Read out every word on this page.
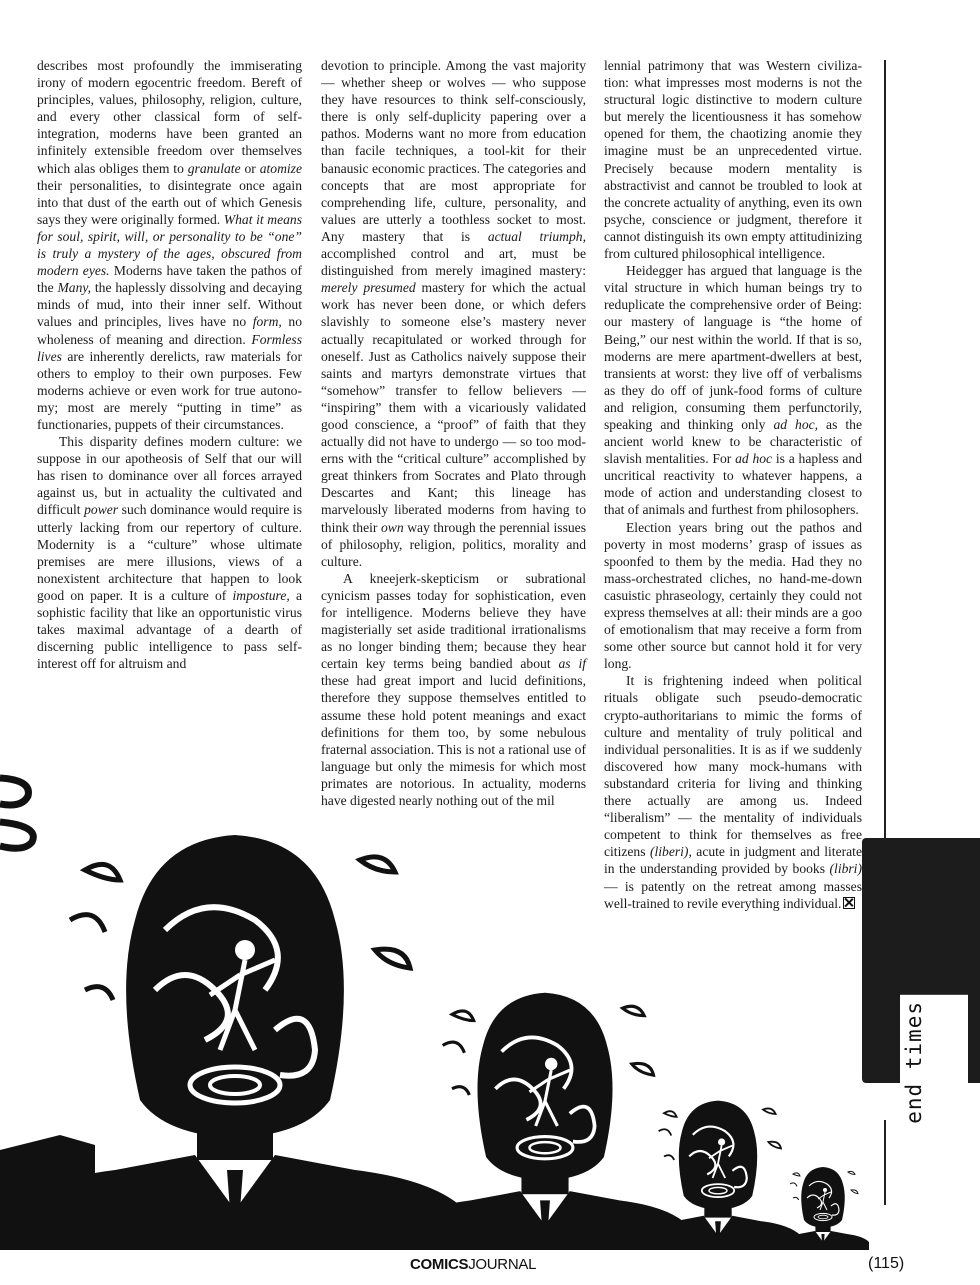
describes most profoundly the immiserating irony of modern egocentric freedom. Bereft of principles, values, philosophy, religion, culture, and every other classical form of self-integration, moderns have been granted an infinitely extensible freedom over themselves which alas obliges them to granulate or atomize their personalities, to disintegrate once again into that dust of the earth out of which Genesis says they were originally formed. What it means for soul, spirit, will, or personality to be “one” is truly a mystery of the ages, obscured from modern eyes. Moderns have taken the pathos of the Many, the haplessly dissolving and decaying minds of mud, into their inner self. Without values and principles, lives have no form, no wholeness of meaning and direction. Formless lives are inherently derelicts, raw materials for others to employ to their own purposes. Few moderns achieve or even work for true autonomy; most are merely “putting in time” as functionaries, puppets of their circumstances.

This disparity defines modern culture: we suppose in our apotheosis of Self that our will has risen to dominance over all forces arrayed against us, but in actuality the cultivated and difficult power such dominance would require is utterly lacking from our repertory of culture. Modernity is a “culture” whose ultimate premises are mere illusions, views of a nonexistent architecture that happen to look good on paper. It is a culture of imposture, a sophistic facility that like an opportunistic virus takes maximal advantage of a dearth of discerning public intelligence to pass self-interest off for altruism and

devotion to principle. Among the vast majority — whether sheep or wolves — who suppose they have resources to think self-consciously, there is only self-duplicity papering over a pathos. Moderns want no more from education than facile techniques, a tool-kit for their banausic economic practices. The categories and concepts that are most appropriate for comprehending life, culture, personality, and values are utterly a toothless socket to most. Any mastery that is actual triumph, accomplished control and art, must be distinguished from merely imagined mastery: merely presumed mastery for which the actual work has never been done, or which defers slavishly to someone else’s mastery never actually recapitulated or worked through for oneself. Just as Catholics naively suppose their saints and martyrs demonstrate virtues that “somehow” transfer to fellow believers — “inspiring” them with a vicariously validated good conscience, a “proof” of faith that they actually did not have to undergo — so too moderns with the “critical culture” accomplished by great thinkers from Socrates and Plato through Descartes and Kant; this lineage has marvelously liberated moderns from having to think their own way through the perennial issues of philosophy, religion, politics, morality and culture.

A kneejerk-skepticism or subrational cynicism passes today for sophistication, even for intelligence. Moderns believe they have magisterially set aside traditional irrationalisms as no longer binding them; because they hear certain key terms being bandied about as if these had great import and lucid definitions, therefore they suppose themselves entitled to assume these hold potent meanings and exact definitions for them too, by some nebulous fraternal association. This is not a rational use of language but only the mimesis for which most primates are notorious. In actuality, moderns have digested nearly nothing out of the mil

lennial patrimony that was Western civilization: what impresses most moderns is not the structural logic distinctive to modern culture but merely the licentiousness it has somehow opened for them, the chaotizing anomie they imagine must be an unprecedented virtue. Precisely because modern mentality is abstractivist and cannot be troubled to look at the concrete actuality of anything, even its own psyche, conscience or judgment, therefore it cannot distinguish its own empty attitudinizing from cultured philosophical intelligence.

Heidegger has argued that language is the vital structure in which human beings try to reduplicate the comprehensive order of Being: our mastery of language is “the home of Being,” our nest within the world. If that is so, moderns are mere apartment-dwellers at best, transients at worst: they live off of verbalisms as they do off of junk-food forms of culture and religion, consuming them perfunctorily, speaking and thinking only ad hoc, as the ancient world knew to be characteristic of slavish mentalities. For ad hoc is a hapless and uncritical reactivity to whatever happens, a mode of action and understanding closest to that of animals and furthest from philosophers.

Election years bring out the pathos and poverty in most moderns’ grasp of issues as spoonfed to them by the media. Had they no mass-orchestrated cliches, no hand-me-down casuistic phraseology, certainly they could not express themselves at all: their minds are a goo of emotionalism that may receive a form from some other source but cannot hold it for very long.

It is frightening indeed when political rituals obligate such pseudo-democratic crypto-authoritarians to mimic the forms of culture and mentality of truly political and individual personalities. It is as if we suddenly discovered how many mock-humans with substandard criteria for living and thinking there actually are among us. Indeed “liberalism” — the mentality of individuals competent to think for themselves as free citizens (liberi), acute in judgment and literate in the understanding provided by books (libri) — is patently on the retreat among masses well-trained to revile everything individual.

end times
COMICSJOURNAL	(115)
